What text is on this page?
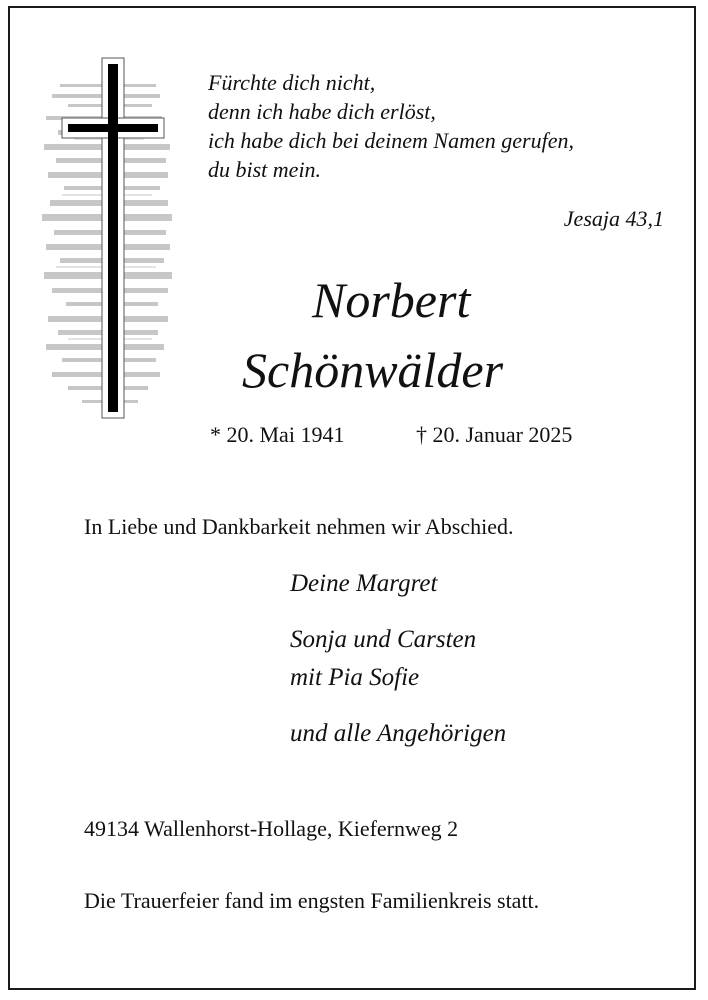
Fürchte dich nicht,
denn ich habe dich erlöst,
ich habe dich bei deinem Namen gerufen,
du bist mein.
Jesaja 43,1
Norbert
Schönwälder
* 20. Mai 1941	† 20. Januar 2025
In Liebe und Dankbarkeit nehmen wir Abschied.
Deine Margret
Sonja und Carsten
mit Pia Sofie
und alle Angehörigen
49134 Wallenhorst-Hollage, Kiefernweg 2
Die Trauerfeier fand im engsten Familienkreis statt.
